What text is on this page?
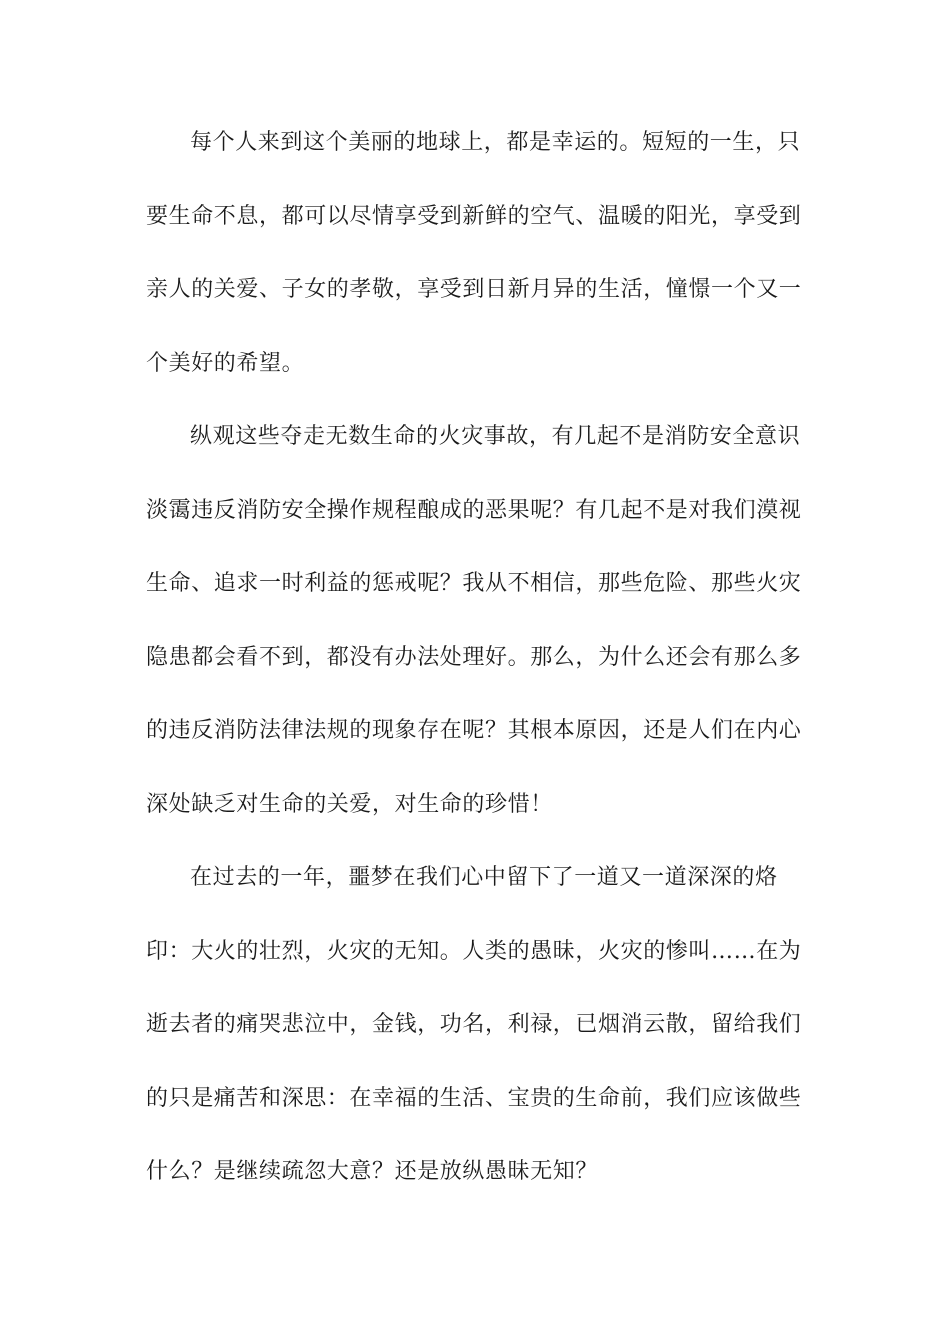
每个人来到这个美丽的地球上，都是幸运的。短短的一生，只
要生命不息，都可以尽情享受到新鲜的空气、温暖的阳光，享受到
亲人的关爱、子女的孝敬，享受到日新月异的生活，憧憬一个又一
个美好的希望。
纵观这些夺走无数生命的火灾事故，有几起不是消防安全意识
淡霭违反消防安全操作规程酿成的恶果呢？有几起不是对我们漠视
生命、追求一时利益的惩戒呢？我从不相信，那些危险、那些火灾
隐患都会看不到，都没有办法处理好。那么，为什么还会有那么多
的违反消防法律法规的现象存在呢？其根本原因，还是人们在内心
深处缺乏对生命的关爱，对生命的珍惜！
在过去的一年，噩梦在我们心中留下了一道又一道深深的烙
印：大火的壮烈，火灾的无知。人类的愚昧，火灾的惨叫……在为
逝去者的痛哭悲泣中，金钱，功名，利禄，已烟消云散，留给我们
的只是痛苦和深思：在幸福的生活、宝贵的生命前，我们应该做些
什么？是继续疏忽大意？还是放纵愚昧无知？
